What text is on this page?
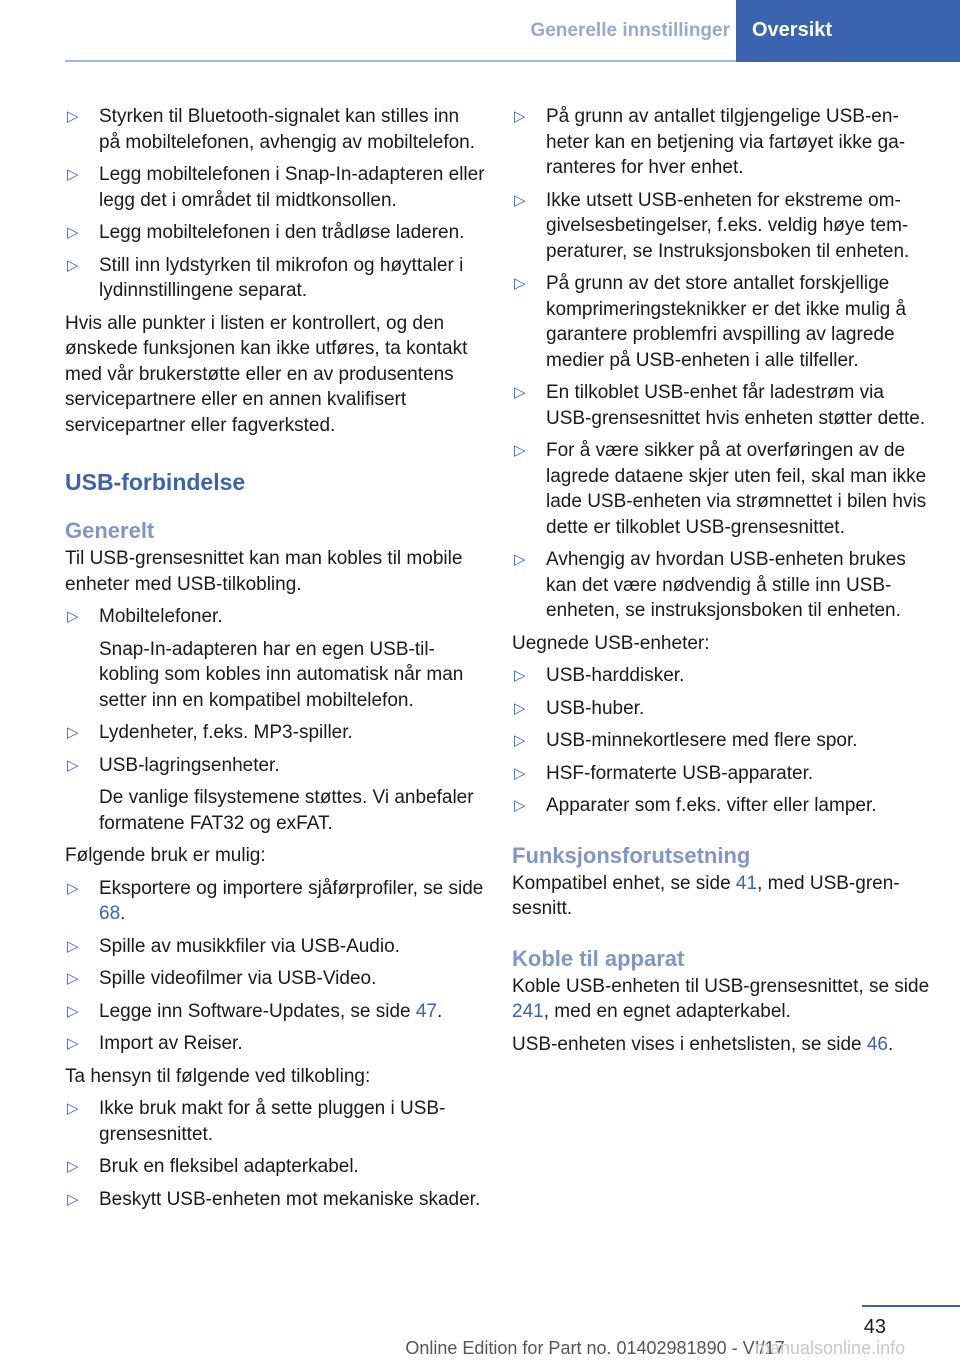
Generelle innstillinger	Oversikt
▷ Styrken til Bluetooth-signalet kan stilles inn på mobiltelefonen, avhengig av mobiltelefon.
▷ Legg mobiltelefonen i Snap-In-adapteren eller legg det i området til midtkonsollen.
▷ Legg mobiltelefonen i den trådløse laderen.
▷ Still inn lydstyrken til mikrofon og høyttaler i lydinnstillingene separat.

Hvis alle punkter i listen er kontrollert, og den ønskede funksjonen kan ikke utføres, ta kontakt med vår brukerstøtte eller en av produsentens servicepartnere eller en annen kvalifisert servicepartner eller fagverksted.

USB-forbindelse
Generelt

Til USB-grensesnittet kan man kobles til mobile enheter med USB-tilkobling.

▷ Mobiltelefoner.
Snap-In-adapteren har en egen USB-tilkobling som kobles inn automatisk når man setter inn en kompatibel mobiltelefon.
▷ Lydenheter, f.eks. MP3-spiller.
▷ USB-lagringsenheter.
De vanlige filsystemene støttes. Vi anbefaler formatene FAT32 og exFAT.

Følgende bruk er mulig:

▷ Eksportere og importere sjåførprofiler, se side 68.
▷ Spille av musikkfiler via USB-Audio.
▷ Spille videofilmer via USB-Video.
▷ Legge inn Software-Updates, se side 47.
▷ Import av Reiser.

Ta hensyn til følgende ved tilkobling:

▷ Ikke bruk makt for å sette pluggen i USB-grensesnittet.
▷ Bruk en fleksibel adapterkabel.
▷ Beskytt USB-enheten mot mekaniske skader.
▷ På grunn av antallet tilgjengelige USB-enheter kan en betjening via fartøyet ikke garanteres for hver enhet.
▷ Ikke utsett USB-enheten for ekstreme omgivelsesbetingelser, f.eks. veldig høye temperaturer, se Instruksjonsboken til enheten.
▷ På grunn av det store antallet forskjellige komprimeringsteknikker er det ikke mulig å garantere problemfri avspilling av lagrede medier på USB-enheten i alle tilfeller.
▷ En tilkoblet USB-enhet får ladestrøm via USB-grensesnittet hvis enheten støtter dette.
▷ For å være sikker på at overføringen av de lagrede dataene skjer uten feil, skal man ikke lade USB-enheten via strømnettet i bilen hvis dette er tilkoblet USB-grensesnittet.
▷ Avhengig av hvordan USB-enheten brukes kan det være nødvendig å stille inn USB-enheten, se instruksjonsboken til enheten.

Uegnede USB-enheter:

▷ USB-harddisker.
▷ USB-huber.
▷ USB-minnekortlesere med flere spor.
▷ HSF-formaterte USB-apparater.
▷ Apparater som f.eks. vifter eller lamper.
Funksjonsforutsetning

Kompatibel enhet, se side 41, med USB-grensesnitt.

Koble til apparat

Koble USB-enheten til USB-grensesnittet, se side 241, med en egnet adapterkabel.

USB-enheten vises i enhetslisten, se side 46.

43
Online Edition for Part no. 01402981890 - VI/17
manualsonline.info
